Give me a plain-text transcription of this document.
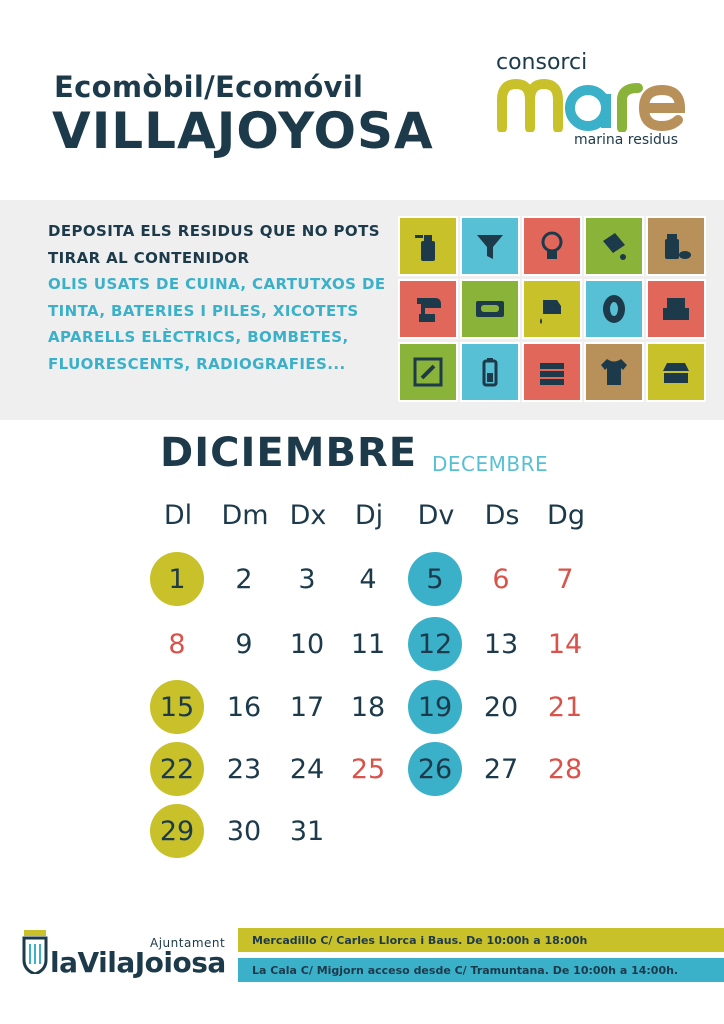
Ecomòbil/Ecomóvil
VILLAJOYOSA
consorci
marina residus
DEPOSITA ELS RESIDUS QUE NO POTS TIRAR AL CONTENIDOR
OLIS USATS DE CUINA, CARTUTXOS DE TINTA, BATERIES I PILES, XICOTETS APARELLS ELÈCTRICS, BOMBETES, FLUORESCENTS, RADIOGRAFIES...
DICIEMBRE DECEMBRE
Dl	Dm Dx	Dj	Dv	Ds	Dg
1	2	3	4	5	6	7
8	9	10 11	12	13	14
15	16	17 18	19	20	21
22	23	24 25	26	27	28
29	30	31
Ajuntament
laVilaJoiosa
Mercadillo C/ Carles Llorca i Baus. De 10:00h a 18:00h
La Cala C/ Migjorn acceso desde C/ Tramuntana. De 10:00h a 14:00h.
